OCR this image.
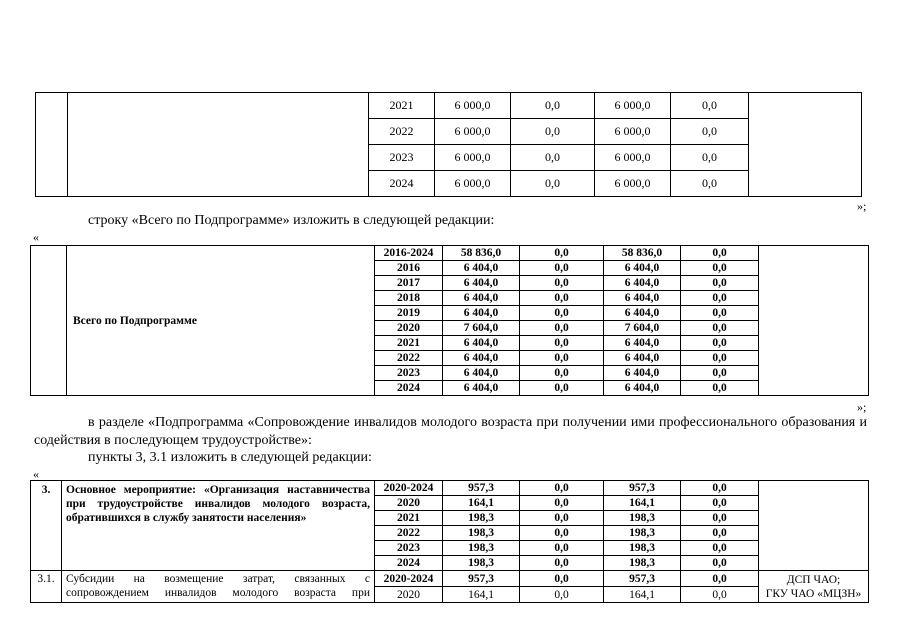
		2021	6 000,0	0,0	6 000,0	0,0	
		2022	6 000,0	0,0	6 000,0	0,0	
		2023	6 000,0	0,0	6 000,0	0,0	
		2024	6 000,0	0,0	6 000,0	0,0	
»;
строку «Всего по Подпрограмме» изложить в следующей редакции:
«
	Всего по Подпрограмме	2016-2024	58 836,0	0,0	58 836,0	0,0	
		2016	6 404,0	0,0	6 404,0	0,0	
		2017	6 404,0	0,0	6 404,0	0,0	
		2018	6 404,0	0,0	6 404,0	0,0	
		2019	6 404,0	0,0	6 404,0	0,0	
		2020	7 604,0	0,0	7 604,0	0,0	
		2021	6 404,0	0,0	6 404,0	0,0	
		2022	6 404,0	0,0	6 404,0	0,0	
		2023	6 404,0	0,0	6 404,0	0,0	
		2024	6 404,0	0,0	6 404,0	0,0	
»;
в разделе «Подпрограмма «Сопровождение инвалидов молодого возраста при получении ими профессионального образования и содействия в последующем трудоустройстве»:
пункты 3, 3.1 изложить в следующей редакции:
«
3.	Основное мероприятие: «Организация наставничества при трудоустройстве инвалидов молодого возраста, обратившихся в службу занятости населения»	2020-2024	957,3	0,0	957,3	0,0	
		2020	164,1	0,0	164,1	0,0	
		2021	198,3	0,0	198,3	0,0	
		2022	198,3	0,0	198,3	0,0	
		2023	198,3	0,0	198,3	0,0	
		2024	198,3	0,0	198,3	0,0	
3.1.	Субсидии на возмещение затрат, связанных с сопровождением инвалидов молодого возраста при	2020-2024	957,3	0,0	957,3	0,0	ДСП ЧАО;
ГКУ ЧАО «МЦЗН»

		2020	164,1	0,0	164,1	0,0	
